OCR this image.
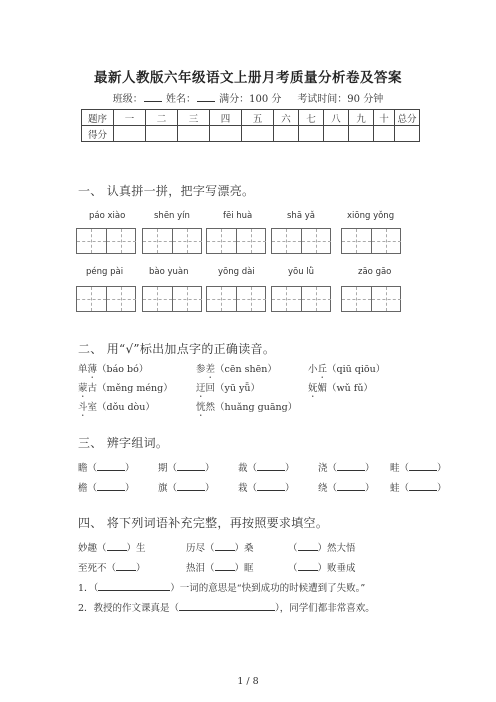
最新人教版六年级语文上册月考质量分析卷及答案
班级： 姓名： 满分：100 分 考试时间：90 分钟
题序	一	二	三	四	五	六	七	八	九	十	总分
得分											
一、 认真拼一拼，把字写漂亮。
páo xiào	shēn yín	fēi huà	shā yǎ	xiōng yǒng
péng pài	bào yuàn	yōng dài	yōu lǜ	zāo gāo
二、 用“√”标出加点字的正确读音。
单薄（báo bó）	参差（cēn shēn）	小丘（qiū qiōu）
蒙古（měng méng） 迂回（yū yǖ）	妩媚（wǔ fǔ）
斗室（dǒu dòu）	恍然（huǎng guāng）
三、 辨字组词。
瞻（	） 期（	） 裁（	） 浇（	） 畦（	）
檐（	） 旗（	） 栽（	） 绕（	） 蛙（	）
四、 将下列词语补充完整，再按照要求填空。
妙趣（ ）生	历尽（ ）桑	（ ）然大悟
至死不（ ）	热泪（ ）眶	（ ）败垂成
1．（	）一词的意思是“快到成功的时候遭到了失败。”
2．教授的作文课真是（	），同学们都非常喜欢。
1 / 8
